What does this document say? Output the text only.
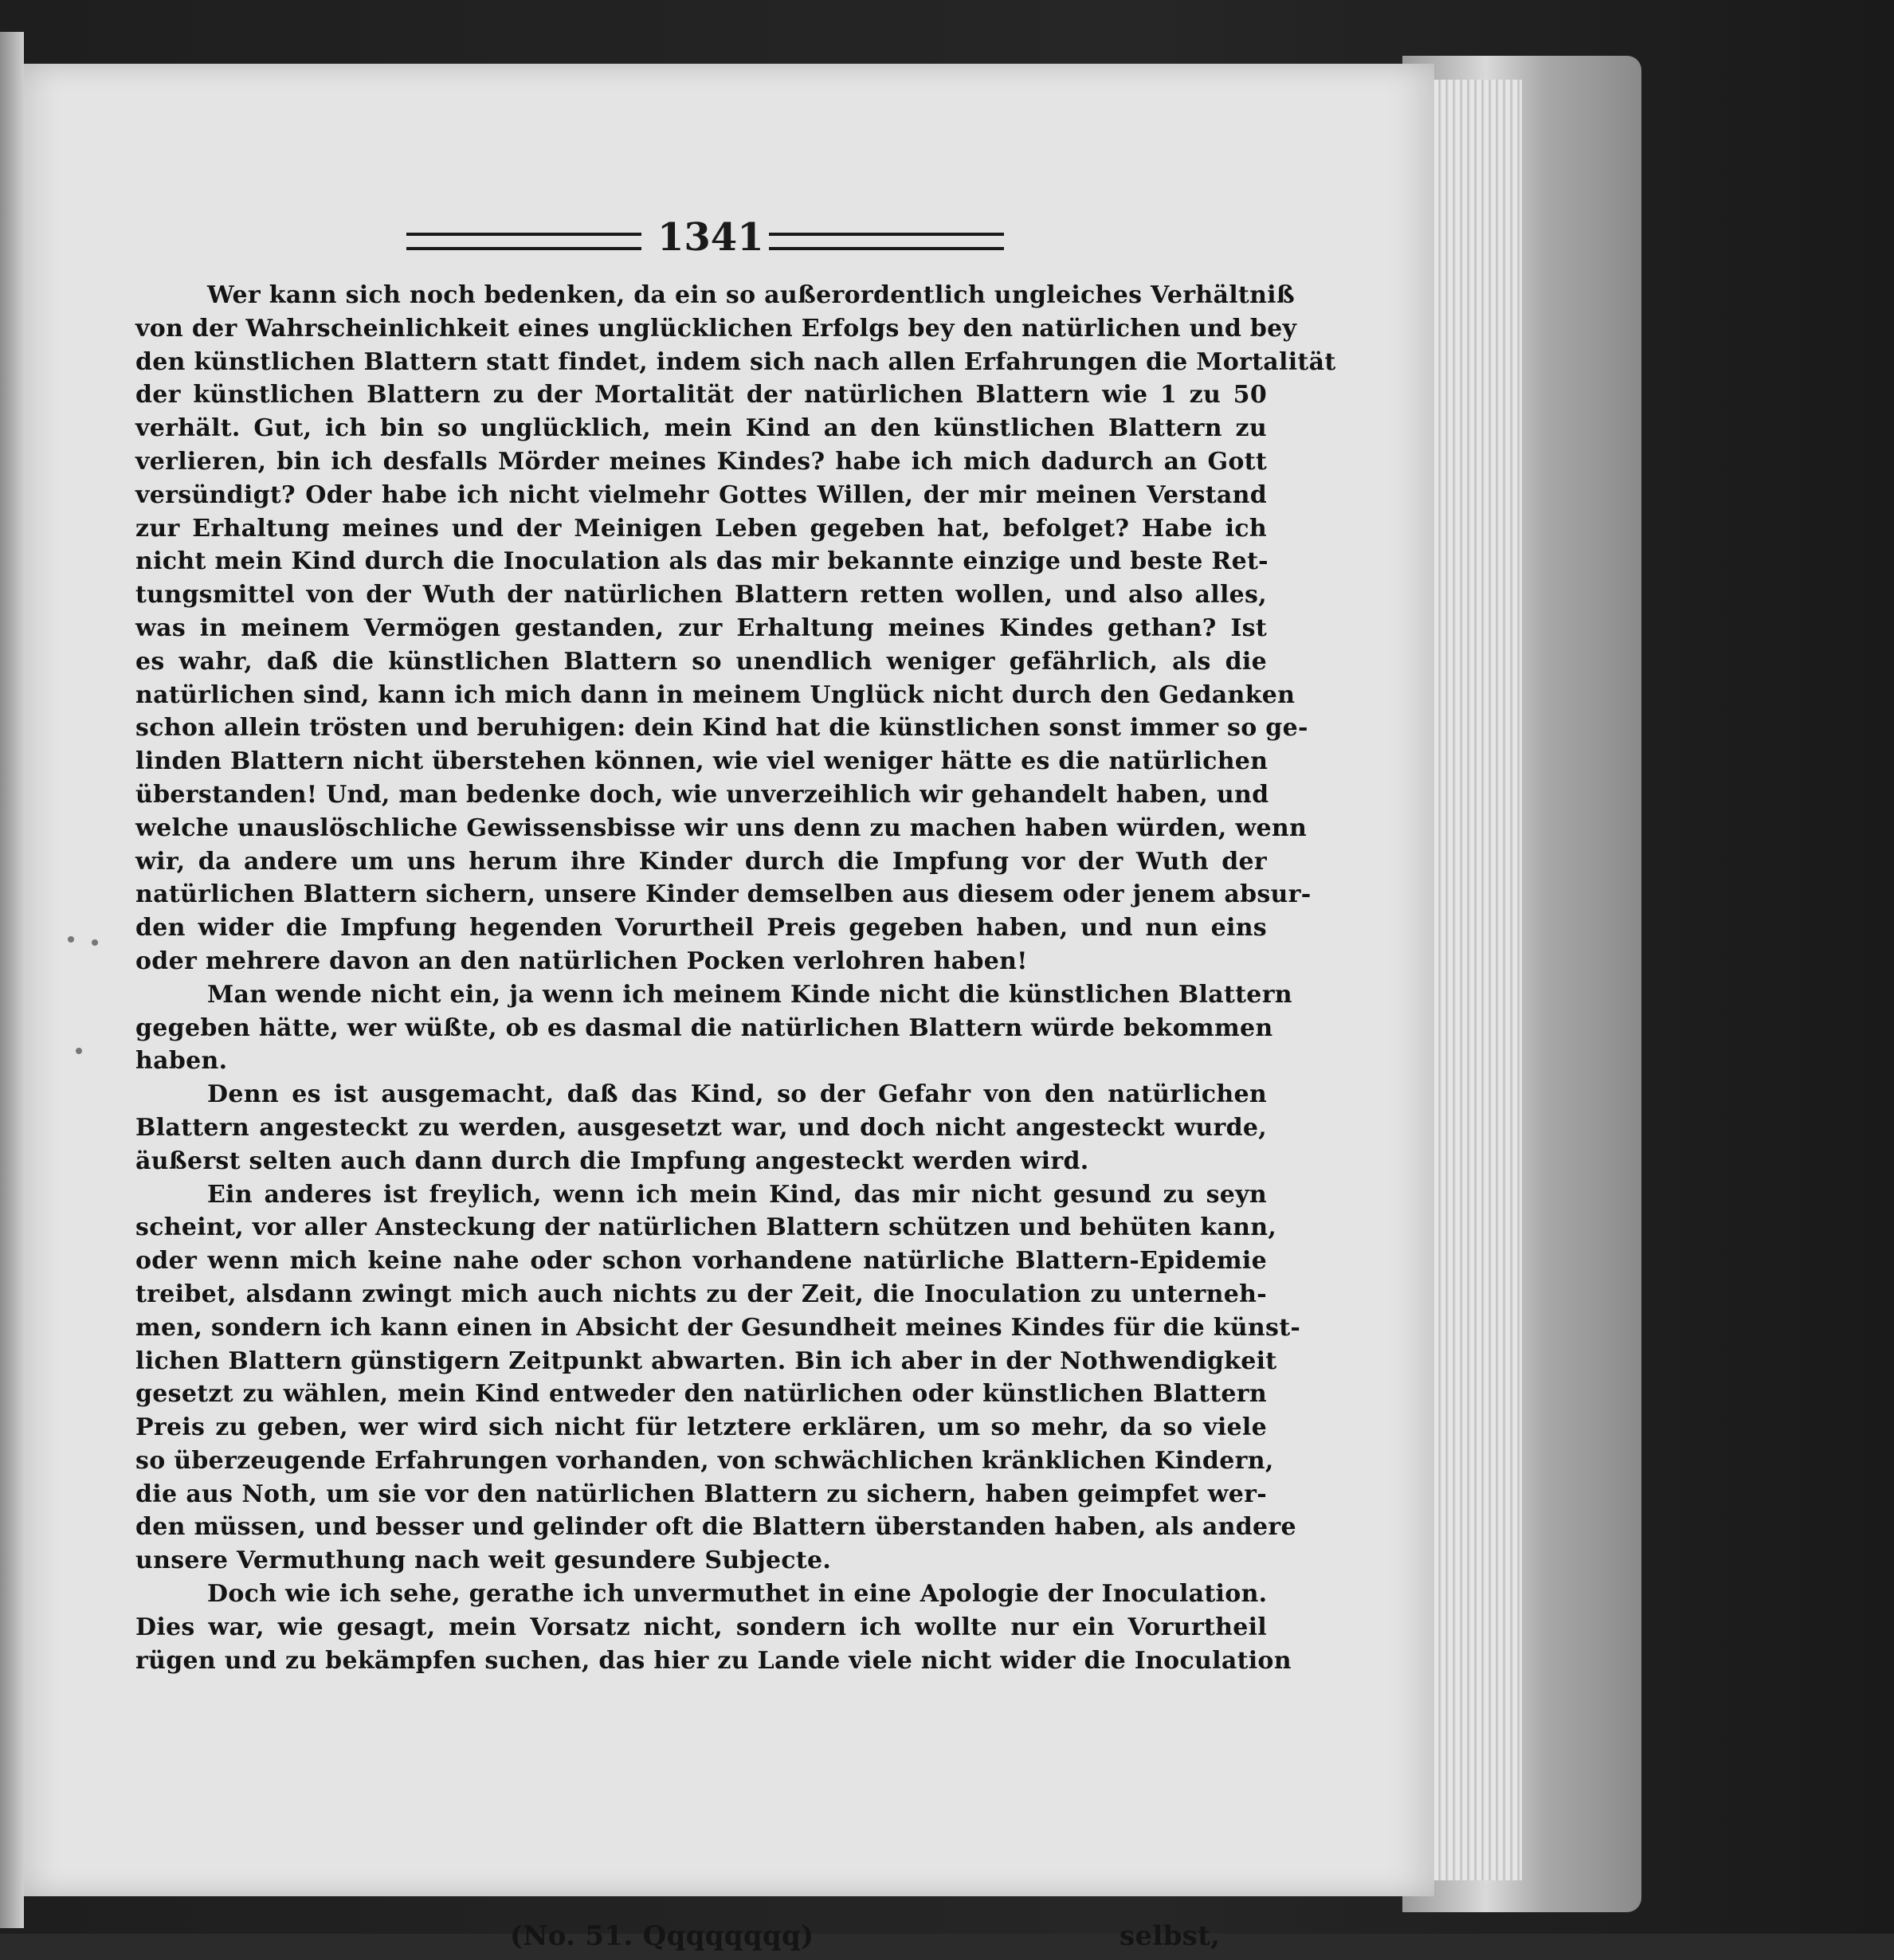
1341
Wer kann sich noch bedenken, da ein so außerordentlich ungleiches Verhältniß
von der Wahrscheinlichkeit eines unglücklichen Erfolgs bey den natürlichen und bey
den künstlichen Blattern statt findet, indem sich nach allen Erfahrungen die Mortalität
der künstlichen Blattern zu der Mortalität der natürlichen Blattern wie 1 zu 50
verhält. Gut, ich bin so unglücklich, mein Kind an den künstlichen Blattern zu
verlieren, bin ich desfalls Mörder meines Kindes? habe ich mich dadurch an Gott
versündigt? Oder habe ich nicht vielmehr Gottes Willen, der mir meinen Verstand
zur Erhaltung meines und der Meinigen Leben gegeben hat, befolget? Habe ich
nicht mein Kind durch die Inoculation als das mir bekannte einzige und beste Ret-
tungsmittel von der Wuth der natürlichen Blattern retten wollen, und also alles,
was in meinem Vermögen gestanden, zur Erhaltung meines Kindes gethan? Ist
es wahr, daß die künstlichen Blattern so unendlich weniger gefährlich, als die
natürlichen sind, kann ich mich dann in meinem Unglück nicht durch den Gedanken
schon allein trösten und beruhigen: dein Kind hat die künstlichen sonst immer so ge-
linden Blattern nicht überstehen können, wie viel weniger hätte es die natürlichen
überstanden! Und, man bedenke doch, wie unverzeihlich wir gehandelt haben, und
welche unauslöschliche Gewissensbisse wir uns denn zu machen haben würden, wenn
wir, da andere um uns herum ihre Kinder durch die Impfung vor der Wuth der
natürlichen Blattern sichern, unsere Kinder demselben aus diesem oder jenem absur-
den wider die Impfung hegenden Vorurtheil Preis gegeben haben, und nun eins
oder mehrere davon an den natürlichen Pocken verlohren haben!
Man wende nicht ein, ja wenn ich meinem Kinde nicht die künstlichen Blattern
gegeben hätte, wer wüßte, ob es dasmal die natürlichen Blattern würde bekommen
haben.
Denn es ist ausgemacht, daß das Kind, so der Gefahr von den natürlichen
Blattern angesteckt zu werden, ausgesetzt war, und doch nicht angesteckt wurde,
äußerst selten auch dann durch die Impfung angesteckt werden wird.
Ein anderes ist freylich, wenn ich mein Kind, das mir nicht gesund zu seyn
scheint, vor aller Ansteckung der natürlichen Blattern schützen und behüten kann,
oder wenn mich keine nahe oder schon vorhandene natürliche Blattern-Epidemie
treibet, alsdann zwingt mich auch nichts zu der Zeit, die Inoculation zu unterneh-
men, sondern ich kann einen in Absicht der Gesundheit meines Kindes für die künst-
lichen Blattern günstigern Zeitpunkt abwarten. Bin ich aber in der Nothwendigkeit
gesetzt zu wählen, mein Kind entweder den natürlichen oder künstlichen Blattern
Preis zu geben, wer wird sich nicht für letztere erklären, um so mehr, da so viele
so überzeugende Erfahrungen vorhanden, von schwächlichen kränklichen Kindern,
die aus Noth, um sie vor den natürlichen Blattern zu sichern, haben geimpfet wer-
den müssen, und besser und gelinder oft die Blattern überstanden haben, als andere
unsere Vermuthung nach weit gesundere Subjecte.
Doch wie ich sehe, gerathe ich unvermuthet in eine Apologie der Inoculation.
Dies war, wie gesagt, mein Vorsatz nicht, sondern ich wollte nur ein Vorurtheil
rügen und zu bekämpfen suchen, das hier zu Lande viele nicht wider die Inoculation
(No. 51. Qqqqqqqq)	selbst,
